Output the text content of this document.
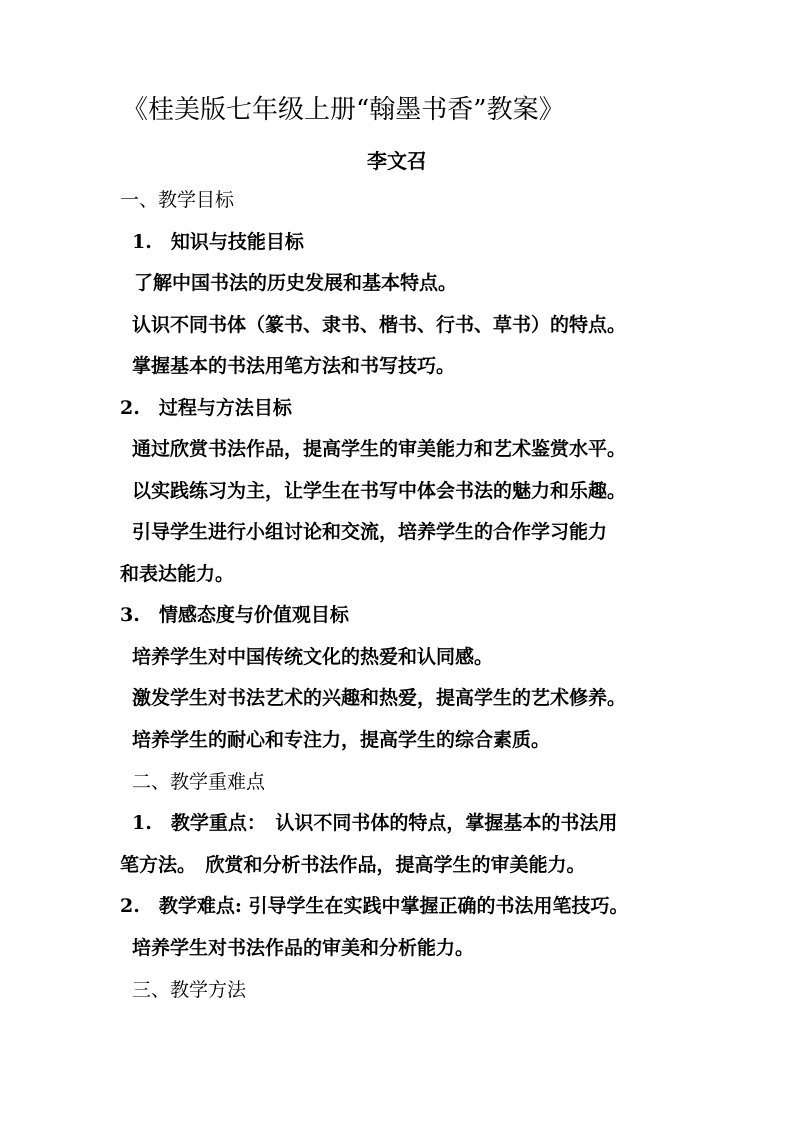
《桂美版七年级上册“翰墨书香”教案》
李文召
一、教学目标
1.　知识与技能目标
了解中国书法的历史发展和基本特点。
认识不同书体（篆书、隶书、楷书、行书、草书）的特点。
掌握基本的书法用笔方法和书写技巧。
2.　过程与方法目标
通过欣赏书法作品，提高学生的审美能力和艺术鉴赏水平。
以实践练习为主，让学生在书写中体会书法的魅力和乐趣。
引导学生进行小组讨论和交流，培养学生的合作学习能力
和表达能力。
3.　情感态度与价值观目标
培养学生对中国传统文化的热爱和认同感。
激发学生对书法艺术的兴趣和热爱，提高学生的艺术修养。
培养学生的耐心和专注力，提高学生的综合素质。
二、教学重难点
1.　教学重点：　认识不同书体的特点，掌握基本的书法用
笔方法。　欣赏和分析书法作品，提高学生的审美能力。
2.　教学难点: 引导学生在实践中掌握正确的书法用笔技巧。
培养学生对书法作品的审美和分析能力。
三、教学方法
